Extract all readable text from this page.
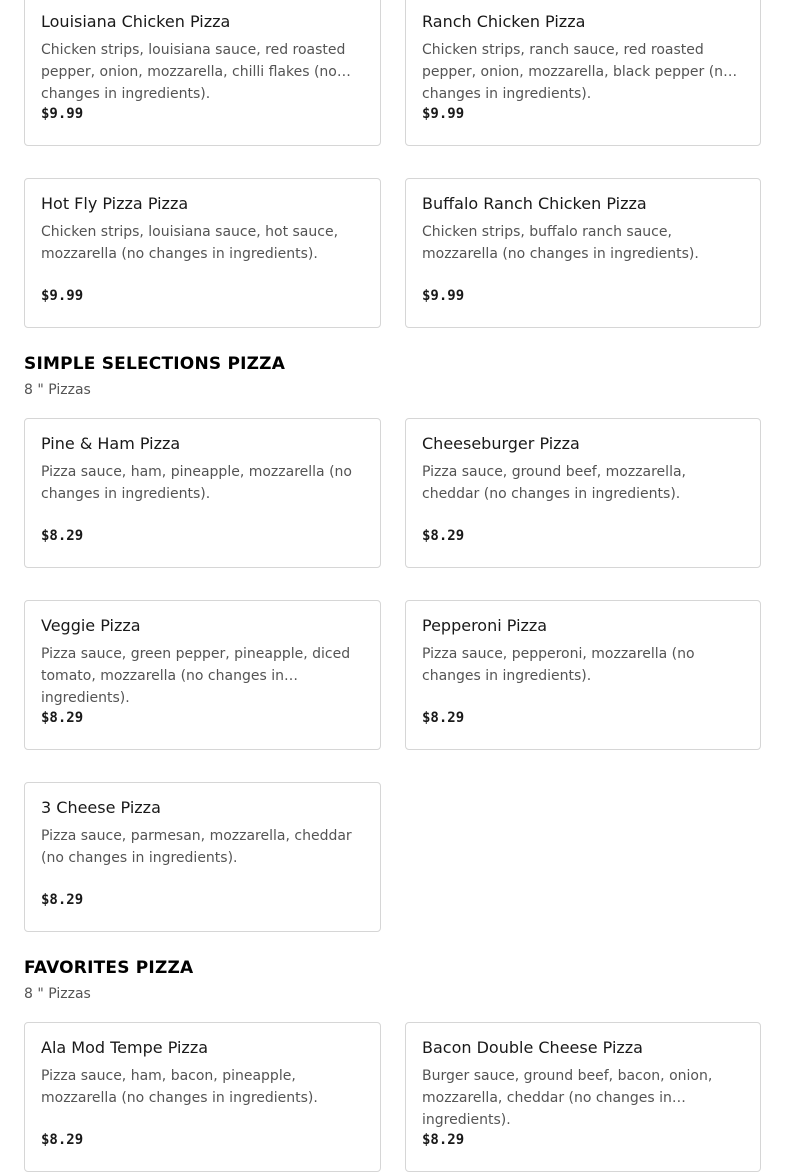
Louisiana Chicken Pizza
Chicken strips, louisiana sauce, red roasted pepper, onion, mozzarella, chilli flakes (no changes in ingredients).
$9.99
Ranch Chicken Pizza
Chicken strips, ranch sauce, red roasted pepper, onion, mozzarella, black pepper (no changes in ingredients).
$9.99
Hot Fly Pizza Pizza
Chicken strips, louisiana sauce, hot sauce, mozzarella (no changes in ingredients).
$9.99
Buffalo Ranch Chicken Pizza
Chicken strips, buffalo ranch sauce, mozzarella (no changes in ingredients).
$9.99
SIMPLE SELECTIONS PIZZA
8 " Pizzas
Pine & Ham Pizza
Pizza sauce, ham, pineapple, mozzarella (no changes in ingredients).
$8.29
Cheeseburger Pizza
Pizza sauce, ground beef, mozzarella, cheddar (no changes in ingredients).
$8.29
Veggie Pizza
Pizza sauce, green pepper, pineapple, diced tomato, mozzarella (no changes in ingredients).
$8.29
Pepperoni Pizza
Pizza sauce, pepperoni, mozzarella (no changes in ingredients).
$8.29
3 Cheese Pizza
Pizza sauce, parmesan, mozzarella, cheddar (no changes in ingredients).
$8.29
FAVORITES PIZZA
8 " Pizzas
Ala Mod Tempe Pizza
Pizza sauce, ham, bacon, pineapple, mozzarella (no changes in ingredients).
$8.29
Bacon Double Cheese Pizza
Burger sauce, ground beef, bacon, onion, mozzarella, cheddar (no changes in ingredients).
$8.29
